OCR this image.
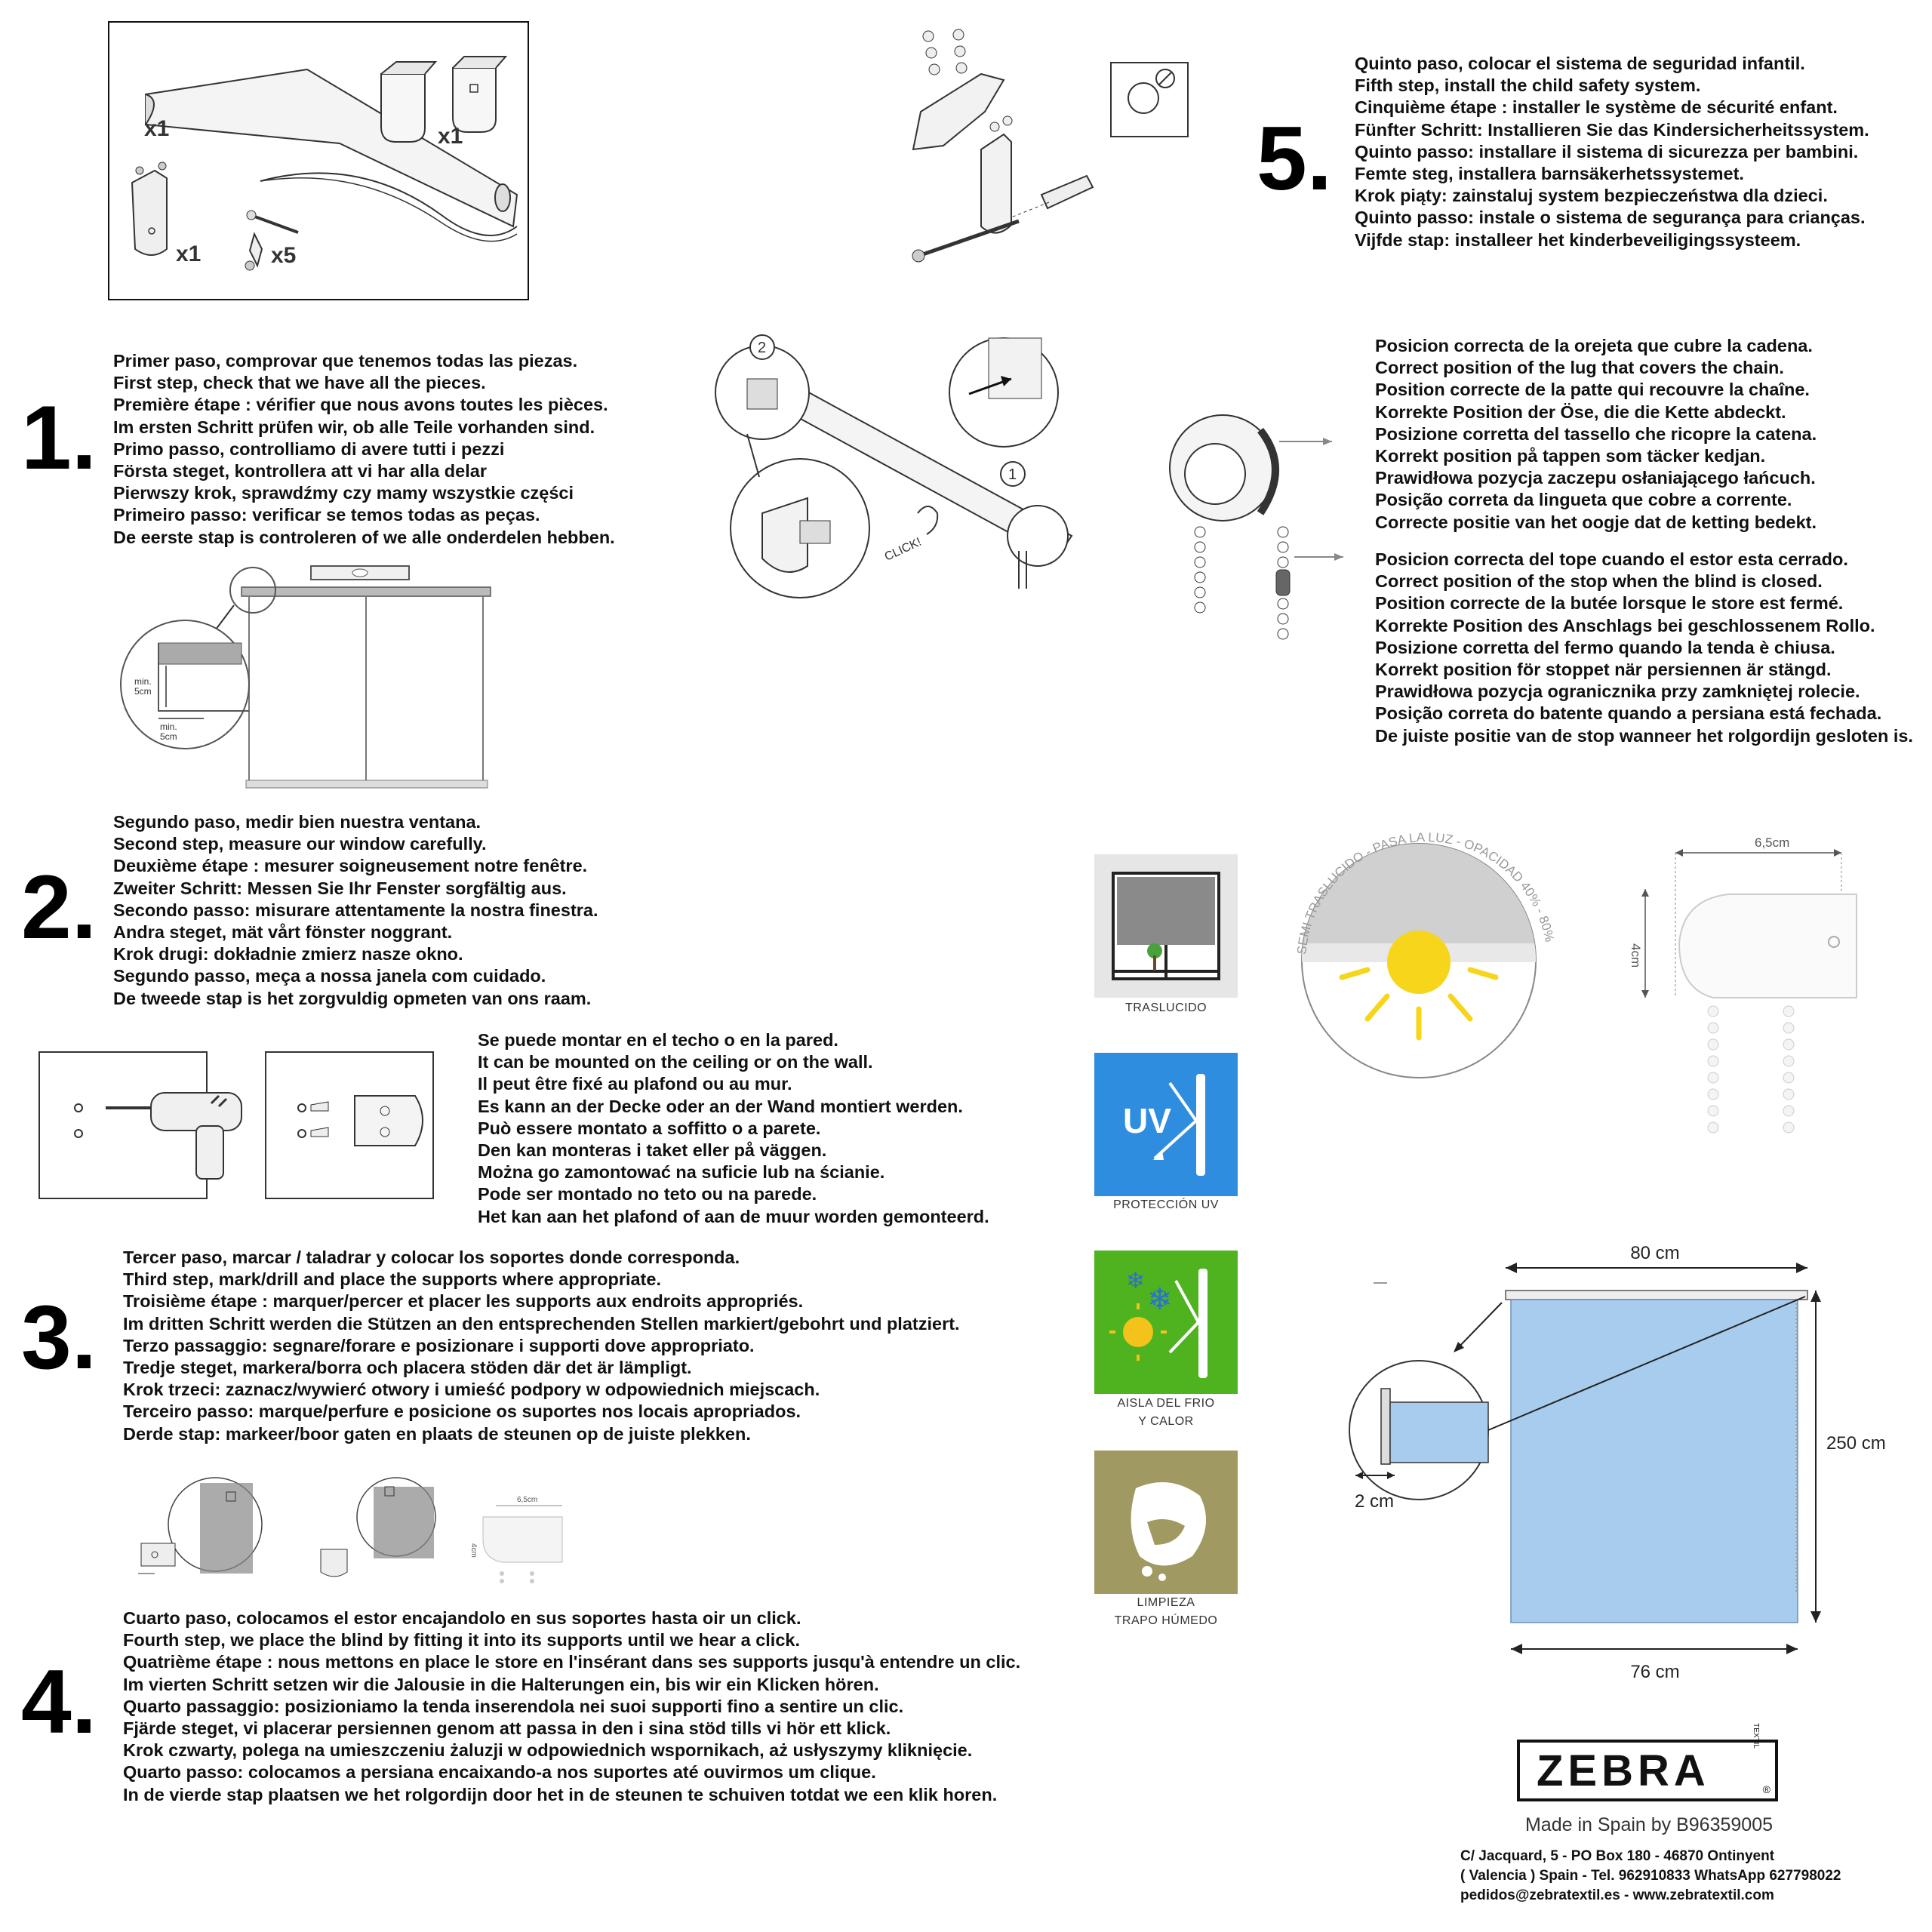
x1	x1
x1	x5
5.
Quinto paso, colocar el sistema de seguridad infantil.
Fifth step, install the child safety system.
Cinquième étape : installer le système de sécurité enfant.
Fünfter Schritt: Installieren Sie das Kindersicherheitssystem.
Quinto passo: installare il sistema di sicurezza per bambini.
Femte steg, installera barnsäkerhetssystemet.
Krok piąty: zainstaluj system bezpieczeństwa dla dzieci.
Quinto passo: instale o sistema de segurança para crianças.
Vijfde stap: installeer het kinderbeveiligingssysteem.
1.
Primer paso, comprovar que tenemos todas las piezas.
First step, check that we have all the pieces.
Première étape : vérifier que nous avons toutes les pièces.
Im ersten Schritt prüfen wir, ob alle Teile vorhanden sind.
Primo passo, controlliamo di avere tutti i pezzi
Första steget, kontrollera att vi har alla delar
Pierwszy krok, sprawdźmy czy mamy wszystkie części
Primeiro passo: verificar se temos todas as peças.
De eerste stap is controleren of we alle onderdelen hebben.
min.
5cm
min.
5cm
2
1
CLICK!
Posicion correcta de la orejeta que cubre la cadena.
Correct position of the lug that covers the chain.
Position correcte de la patte qui recouvre la chaîne.
Korrekte Position der Öse, die die Kette abdeckt.
Posizione corretta del tassello che ricopre la catena.
Korrekt position på tappen som täcker kedjan.
Prawidłowa pozycja zaczepu osłaniającego łańcuch.
Posição correta da lingueta que cobre a corrente.
Correcte positie van het oogje dat de ketting bedekt.
Posicion correcta del tope cuando el estor esta cerrado.
Correct position of the stop when the blind is closed.
Position correcte de la butée lorsque le store est fermé.
Korrekte Position des Anschlags bei geschlossenem Rollo.
Posizione corretta del fermo quando la tenda è chiusa.
Korrekt position för stoppet när persiennen är stängd.
Prawidłowa pozycja ogranicznika przy zamkniętej rolecie.
Posição correta do batente quando a persiana está fechada.
De juiste positie van de stop wanneer het rolgordijn gesloten is.
2.
Segundo paso, medir bien nuestra ventana.
Second step, measure our window carefully.
Deuxième étape : mesurer soigneusement notre fenêtre.
Zweiter Schritt: Messen Sie Ihr Fenster sorgfältig aus.
Secondo passo: misurare attentamente la nostra finestra.
Andra steget, mät vårt fönster noggrant.
Krok drugi: dokładnie zmierz nasze okno.
Segundo passo, meça a nossa janela com cuidado.
De tweede stap is het zorgvuldig opmeten van ons raam.
Se puede montar en el techo o en la pared.
It can be mounted on the ceiling or on the wall.
Il peut être fixé au plafond ou au mur.
Es kann an der Decke oder an der Wand montiert werden.
Può essere montato a soffitto o a parete.
Den kan monteras i taket eller på väggen.
Można go zamontować na suficie lub na ścianie.
Pode ser montado no teto ou na parede.
Het kan aan het plafond of aan de muur worden gemonteerd.
3.
Tercer paso, marcar / taladrar y colocar los soportes donde corresponda.
Third step, mark/drill and place the supports where appropriate.
Troisième étape : marquer/percer et placer les supports aux endroits appropriés.
Im dritten Schritt werden die Stützen an den entsprechenden Stellen markiert/gebohrt und platziert.
Terzo passaggio: segnare/forare e posizionare i supporti dove appropriato.
Tredje steget, markera/borra och placera stöden där det är lämpligt.
Krok trzeci: zaznacz/wywierć otwory i umieść podpory w odpowiednich miejscach.
Terceiro passo: marque/perfure e posicione os suportes nos locais apropriados.
Derde stap: markeer/boor gaten en plaats de steunen op de juiste plekken.
6,5cm
4cm
4.
Cuarto paso, colocamos el estor encajandolo en sus soportes hasta oir un click.
Fourth step, we place the blind by fitting it into its supports until we hear a click.
Quatrième étape : nous mettons en place le store en l'insérant dans ses supports jusqu'à entendre un clic.
Im vierten Schritt setzen wir die Jalousie in die Halterungen ein, bis wir ein Klicken hören.
Quarto passaggio: posizioniamo la tenda inserendola nei suoi supporti fino a sentire un clic.
Fjärde steget, vi placerar persiennen genom att passa in den i sina stöd tills vi hör ett klick.
Krok czwarty, polega na umieszczeniu żaluzji w odpowiednich wspornikach, aż usłyszymy kliknięcie.
Quarto passo: colocamos a persiana encaixando-a nos suportes até ouvirmos um clique.
In de vierde stap plaatsen we het rolgordijn door het in de steunen te schuiven totdat we een klik horen.
TRASLUCIDO
UV
PROTECCIÓN UV
❄
❄
AISLA DEL FRIO
Y CALOR
LIMPIEZA
TRAPO HÚMEDO
SEMI TRASLUCIDO - PASA LA LUZ - OPACIDAD 40% - 80%
6,5cm
4cm
80 cm
250 cm
76 cm
2 cm
ZEBRA
TEXTIL
®
Made in Spain by B96359005
C/ Jacquard, 5 - PO Box 180 - 46870 Ontinyent
( Valencia ) Spain - Tel. 962910833 WhatsApp 627798022
pedidos@zebratextil.es - www.zebratextil.com
